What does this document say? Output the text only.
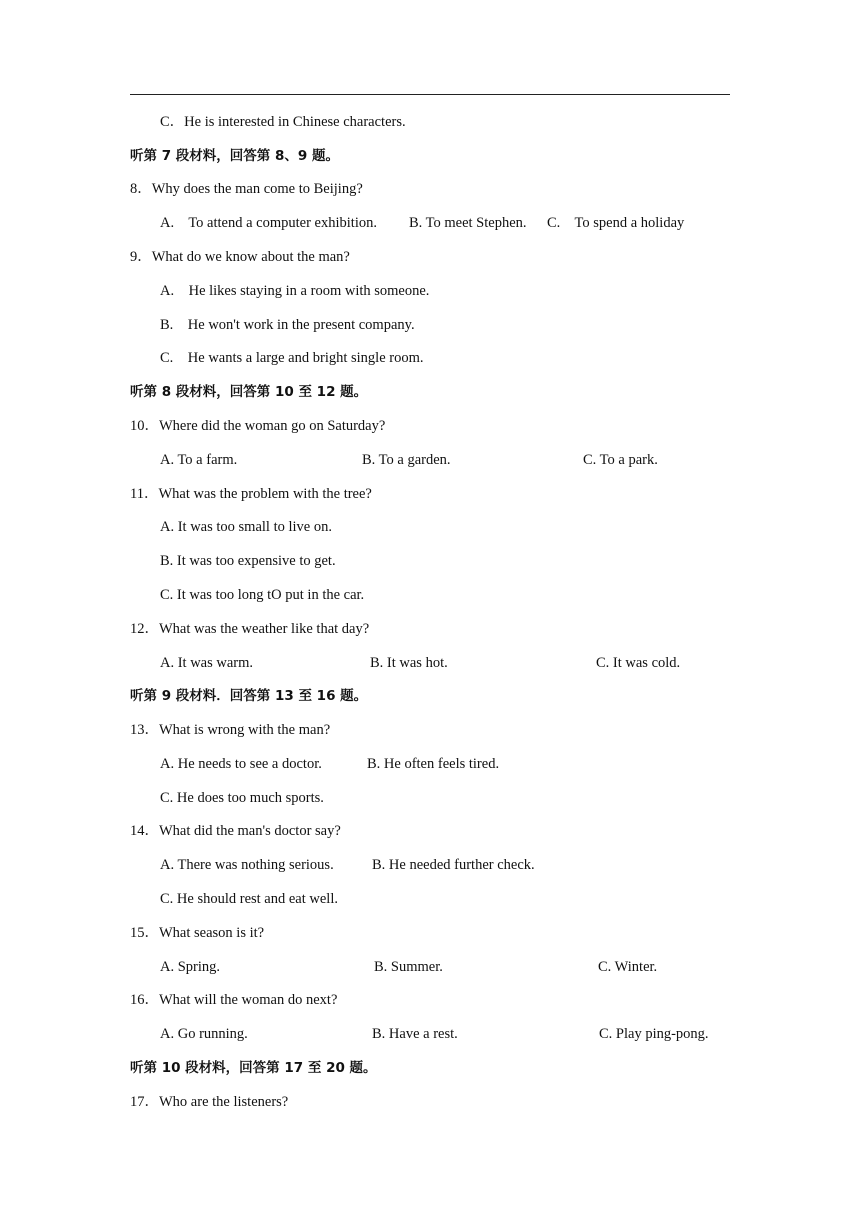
C．He is interested in Chinese characters.
听第 7 段材料，回答第 8、9 题。
8．Why does the man come to Beijing?
A.    To attend a computer exhibition. B. To meet Stephen. C.    To spend a holiday
9．What do we know about the man?
A.    He likes staying in a room with someone.
B.    He won't work in the present company.
C.    He wants a large and bright single room.
听第 8 段材料，回答第 10 至 12 题。
10．Where did the woman go on Saturday?
A. To a farm.	B. To a garden.	C. To a park.
11．What was the problem with the tree?
A. It was too small to live on.
B. It was too expensive to get.
C. It was too long tO put in the car.
12．What was the weather like that day?
A. It was warm.	B. It was hot.	C. It was cold.
听第 9 段材料．回答第 13 至 16 题。
13．What is wrong with the man?
A. He needs to see a doctor.	B. He often feels tired.
C. He does too much sports.
14．What did the man's doctor say?
A. There was nothing serious.	B. He needed further check.
C. He should rest and eat well.
15．What season is it?
A. Spring.	B. Summer.	C. Winter.
16．What will the woman do next?
A. Go running.	B. Have a rest.	C. Play ping-pong.
听第 10 段材料，回答第 17 至 20 题。
17．Who are the listeners?
